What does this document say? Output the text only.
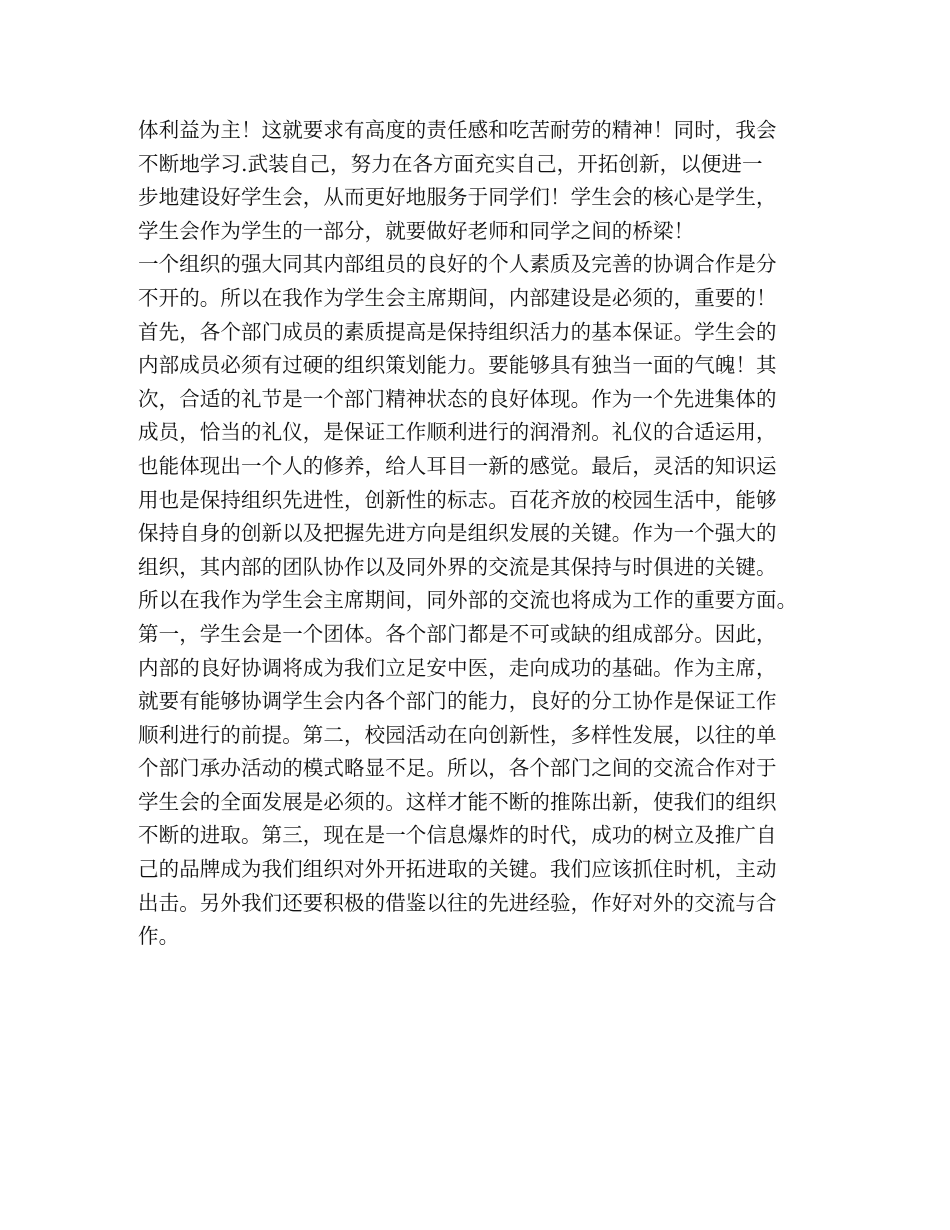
体利益为主！这就要求有高度的责任感和吃苦耐劳的精神！同时，我会
不断地学习.武装自己，努力在各方面充实自己，开拓创新，以便进一
步地建设好学生会，从而更好地服务于同学们！学生会的核心是学生，
学生会作为学生的一部分，就要做好老师和同学之间的桥梁！
一个组织的强大同其内部组员的良好的个人素质及完善的协调合作是分
不开的。所以在我作为学生会主席期间，内部建设是必须的，重要的！
首先，各个部门成员的素质提高是保持组织活力的基本保证。学生会的
内部成员必须有过硬的组织策划能力。要能够具有独当一面的气魄！其
次，合适的礼节是一个部门精神状态的良好体现。作为一个先进集体的
成员，恰当的礼仪，是保证工作顺利进行的润滑剂。礼仪的合适运用，
也能体现出一个人的修养，给人耳目一新的感觉。最后，灵活的知识运
用也是保持组织先进性，创新性的标志。百花齐放的校园生活中，能够
保持自身的创新以及把握先进方向是组织发展的关键。作为一个强大的
组织，其内部的团队协作以及同外界的交流是其保持与时俱进的关键。
所以在我作为学生会主席期间，同外部的交流也将成为工作的重要方面。
第一，学生会是一个团体。各个部门都是不可或缺的组成部分。因此，
内部的良好协调将成为我们立足安中医，走向成功的基础。作为主席，
就要有能够协调学生会内各个部门的能力，良好的分工协作是保证工作
顺利进行的前提。第二，校园活动在向创新性，多样性发展，以往的单
个部门承办活动的模式略显不足。所以，各个部门之间的交流合作对于
学生会的全面发展是必须的。这样才能不断的推陈出新，使我们的组织
不断的进取。第三，现在是一个信息爆炸的时代，成功的树立及推广自
己的品牌成为我们组织对外开拓进取的关键。我们应该抓住时机，主动
出击。另外我们还要积极的借鉴以往的先进经验，作好对外的交流与合
作。
